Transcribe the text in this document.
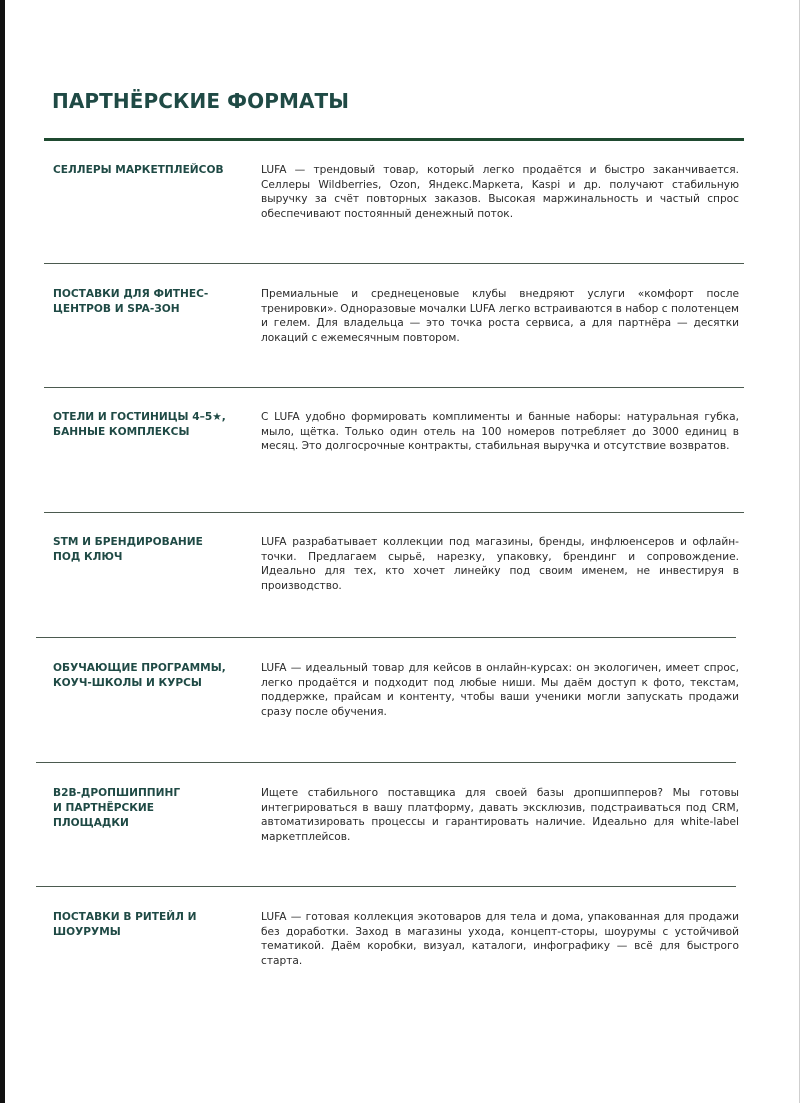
ПАРТНЁРСКИЕ ФОРМАТЫ
СЕЛЛЕРЫ МАРКЕТПЛЕЙСОВ	LUFA — трендовый товар, который легко продаётся и быстро заканчивается. Селлеры Wildberries, Ozon, Яндекс.Маркета, Kaspi и др. получают стабильную выручку за счёт повторных заказов. Высокая маржинальность и частый спрос обеспечивают постоянный денежный поток.
ПОСТАВКИ ДЛЯ ФИТНЕС-
ЦЕНТРОВ И SPA-ЗОН
Премиальные и среднеценовые клубы внедряют услуги «комфорт после тренировки». Одноразовые мочалки LUFA легко встраиваются в набор с полотенцем и гелем. Для владельца — это точка роста сервиса, а для партнёра — десятки локаций с ежемесячным повтором.
ОТЕЛИ И ГОСТИНИЦЫ 4–5★,
БАННЫЕ КОМПЛЕКСЫ
С LUFA удобно формировать комплименты и банные наборы: натуральная губка, мыло, щётка. Только один отель на 100 номеров потребляет до 3000 единиц в месяц. Это долгосрочные контракты, стабильная выручка и отсутствие возвратов.
STM И БРЕНДИРОВАНИЕ
ПОД КЛЮЧ
LUFA разрабатывает коллекции под магазины, бренды, инфлюенсеров и офлайн-точки. Предлагаем сырьё, нарезку, упаковку, брендинг и сопровождение. Идеально для тех, кто хочет линейку под своим именем, не инвестируя в производство.
ОБУЧАЮЩИЕ ПРОГРАММЫ,
КОУЧ-ШКОЛЫ И КУРСЫ
LUFA — идеальный товар для кейсов в онлайн-курсах: он экологичен, имеет спрос, легко продаётся и подходит под любые ниши. Мы даём доступ к фото, текстам, поддержке, прайсам и контенту, чтобы ваши ученики могли запускать продажи сразу после обучения.
B2B-ДРОПШИППИНГ
И ПАРТНЁРСКИЕ
ПЛОЩАДКИ
Ищете стабильного поставщика для своей базы дропшипперов? Мы готовы интегрироваться в вашу платформу, давать эксклюзив, подстраиваться под CRM, автоматизировать процессы и гарантировать наличие. Идеально для white-label маркетплейсов.
ПОСТАВКИ В РИТЕЙЛ И
ШОУРУМЫ
LUFA — готовая коллекция экотоваров для тела и дома, упакованная для продажи без доработки. Заход в магазины ухода, концепт-сторы, шоурумы с устойчивой тематикой. Даём коробки, визуал, каталоги, инфографику — всё для быстрого старта.
